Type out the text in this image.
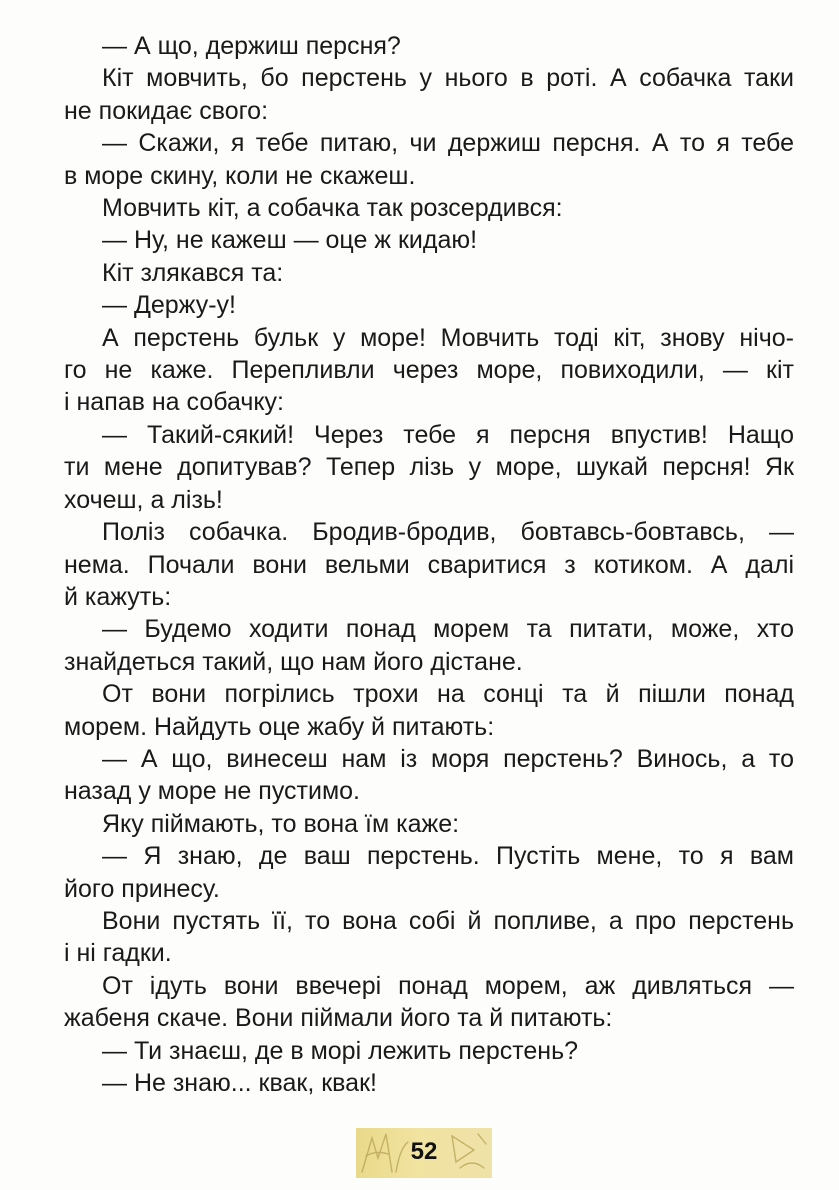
— А що, держиш персня?
Кіт мовчить, бо перстень у нього в роті. А собачка таки
не покидає свого:
— Скажи, я тебе питаю, чи держиш персня. А то я тебе
в море скину, коли не скажеш.
Мовчить кіт, а собачка так розсердився:
— Ну, не кажеш — оце ж кидаю!
Кіт злякався та:
— Держу-у!
А перстень бульк у море! Мовчить тоді кіт, знову нічо-
го не каже. Перепливли через море, повиходили, — кіт
і напав на собачку:
— Такий-сякий! Через тебе я персня впустив! Нащо
ти мене допитував? Тепер лізь у море, шукай персня! Як
хочеш, а лізь!
Поліз собачка. Бродив-бродив, бовтавсь-бовтавсь, —
нема. Почали вони вельми сваритися з котиком. А далі
й кажуть:
— Будемо ходити понад морем та питати, може, хто
знайдеться такий, що нам його дістане.
От вони погрілись трохи на сонці та й пішли понад
морем. Найдуть оце жабу й питають:
— А що, винесеш нам із моря перстень? Винось, а то
назад у море не пустимо.
Яку піймають, то вона їм каже:
— Я знаю, де ваш перстень. Пустіть мене, то я вам
його принесу.
Вони пустять її, то вона собі й попливе, а про перстень
і ні гадки.
От ідуть вони ввечері понад морем, аж дивляться —
жабеня скаче. Вони піймали його та й питають:
— Ти знаєш, де в морі лежить перстень?
— Не знаю... квак, квак!
52
